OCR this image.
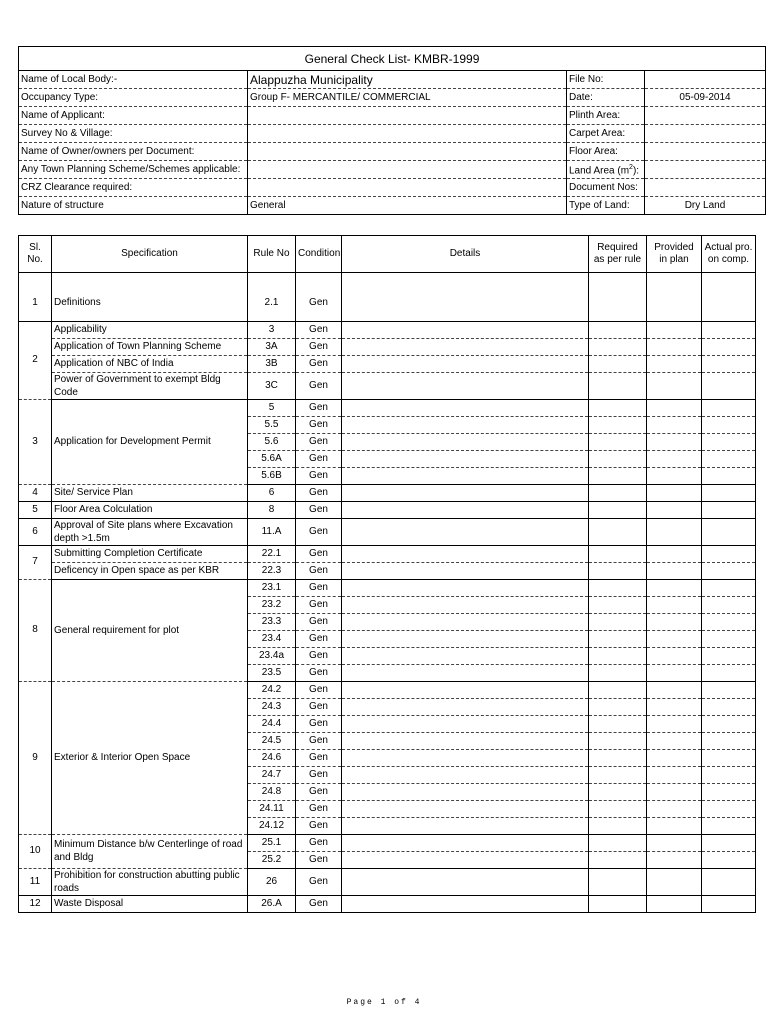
General Check List- KMBR-1999			
Name of Local Body:-	Alappuzha Municipality	File No:	
Occupancy Type:	Group F- MERCANTILE/ COMMERCIAL	Date:	05-09-2014
Name of Applicant:		Plinth Area:	
Survey No & Village:		Carpet Area:	
Name of Owner/owners per Document:		Floor Area:	
Any Town Planning Scheme/Schemes applicable:		Land Area $(m^2)$:	
CRZ Clearance required:		Document Nos:	
Nature of structure	General	Type of Land:	Dry Land
Sl. No.	Specification	Rule No	Condition	Details	Required as per rule	Provided in plan	Actual pro. on comp.

1	Definitions	2.1	Gen				
2	Applicability	3	Gen				
	Application of Town Planning Scheme	3A	Gen				
	Application of NBC of India	3B	Gen				
	Power of Government to exempt Bldg Code	3C	Gen				
3	Application for Development Permit	5	Gen				
		5.5	Gen				
		5.6	Gen				
		5.6A	Gen				
		5.6B	Gen				
4	Site/ Service Plan	6	Gen				
5	Floor Area Colculation	8	Gen				
6	Approval of Site plans where Excavation depth >1.5m	11.A	Gen				
7	Submitting Completion Certificate	22.1	Gen				
	Deficency in Open space as per KBR	22.3	Gen				
8	General requirement for plot	23.1	Gen				
		23.2	Gen				
		23.3	Gen				
		23.4	Gen				
		23.4a	Gen				
		23.5	Gen				
9	Exterior & Interior Open Space	24.2	Gen				
		24.3	Gen				
		24.4	Gen				
		24.5	Gen				
		24.6	Gen				
		24.7	Gen				
		24.8	Gen				
		24.11	Gen				
		24.12	Gen				
10	Minimum Distance b/w Centerlinge of road and Bldg	25.1	Gen				
		25.2	Gen				
11	Prohibition for construction abutting public roads	26	Gen				
12	Waste Disposal	26.A	Gen				
Page 1 of 4
